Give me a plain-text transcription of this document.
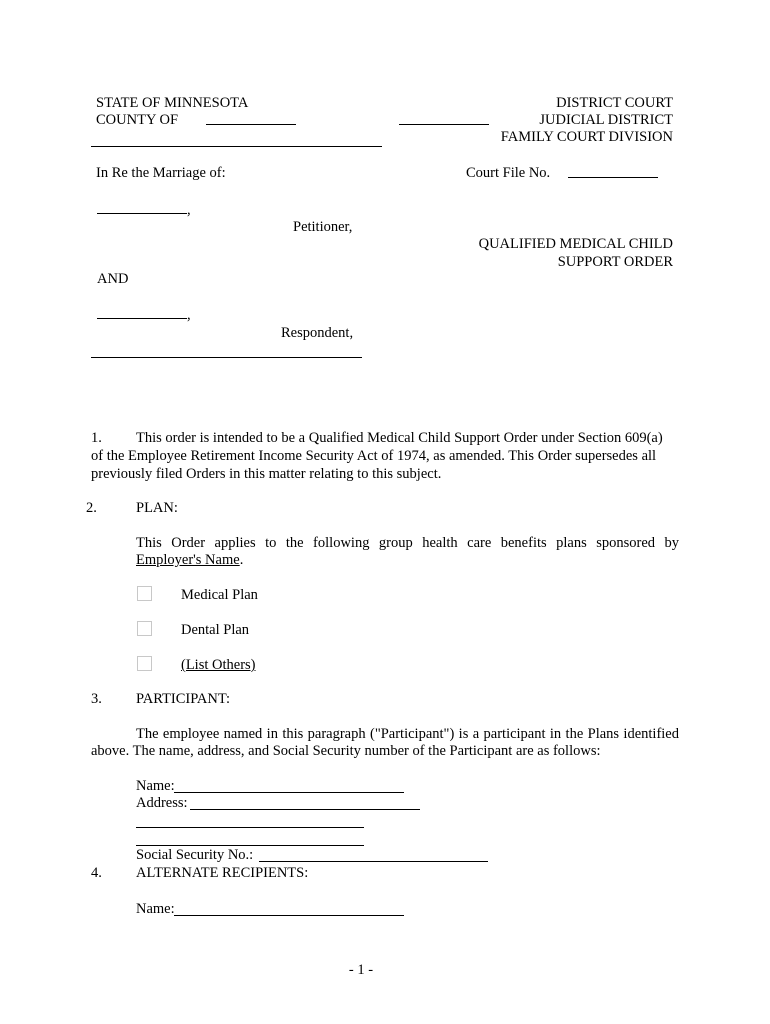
STATE OF MINNESOTA
COUNTY OF
DISTRICT COURT
JUDICIAL DISTRICT
FAMILY COURT DIVISION
In Re the Marriage of:	Court File No.
,
Petitioner,
QUALIFIED MEDICAL CHILD
SUPPORT ORDER
AND
,
Respondent,
1. This order is intended to be a Qualified Medical Child Support Order under Section 609(a)
of the Employee Retirement Income Security Act of 1974, as amended. This Order supersedes all
previously filed Orders in this matter relating to this subject.
2.	PLAN:
This Order applies to the following group health care benefits plans sponsored by
Employer's Name.
Medical Plan
Dental Plan
(List Others)
3. PARTICIPANT:
The employee named in this paragraph ("Participant") is a participant in the Plans identified
above. The name, address, and Social Security number of the Participant are as follows:
Name:
Address:
Social Security No.:
4. ALTERNATE RECIPIENTS:
Name:
- 1 -
